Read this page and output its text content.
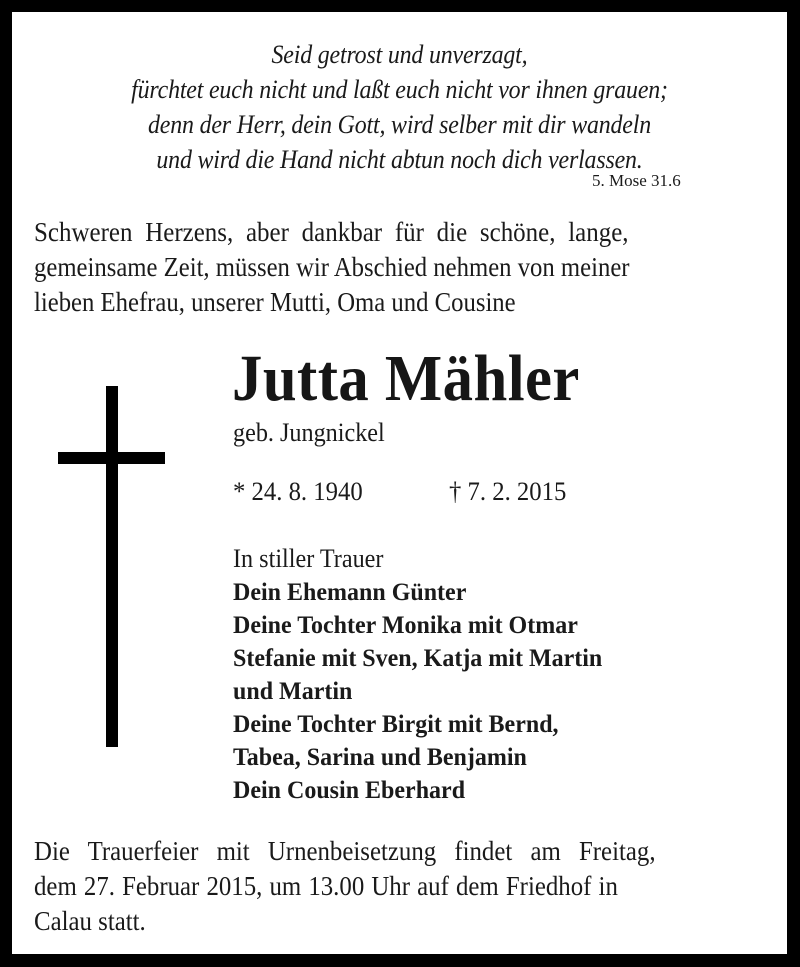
Seid getrost und unverzagt,
fürchtet euch nicht und laßt euch nicht vor ihnen grauen;
denn der Herr, dein Gott, wird selber mit dir wandeln
und wird die Hand nicht abtun noch dich verlassen.
5. Mose 31.6
Schweren Herzens, aber dankbar für die schöne, lange,
gemeinsame Zeit, müssen wir Abschied nehmen von meiner
lieben Ehefrau, unserer Mutti, Oma und Cousine
Jutta Mähler
geb. Jungnickel
* 24. 8. 1940	† 7. 2. 2015
In stiller Trauer
Dein Ehemann Günter
Deine Tochter Monika mit Otmar
Stefanie mit Sven, Katja mit Martin
und Martin
Deine Tochter Birgit mit Bernd,
Tabea, Sarina und Benjamin
Dein Cousin Eberhard
Die Trauerfeier mit Urnenbeisetzung findet am Freitag,
dem 27. Februar 2015, um 13.00 Uhr auf dem Friedhof in
Calau statt.
